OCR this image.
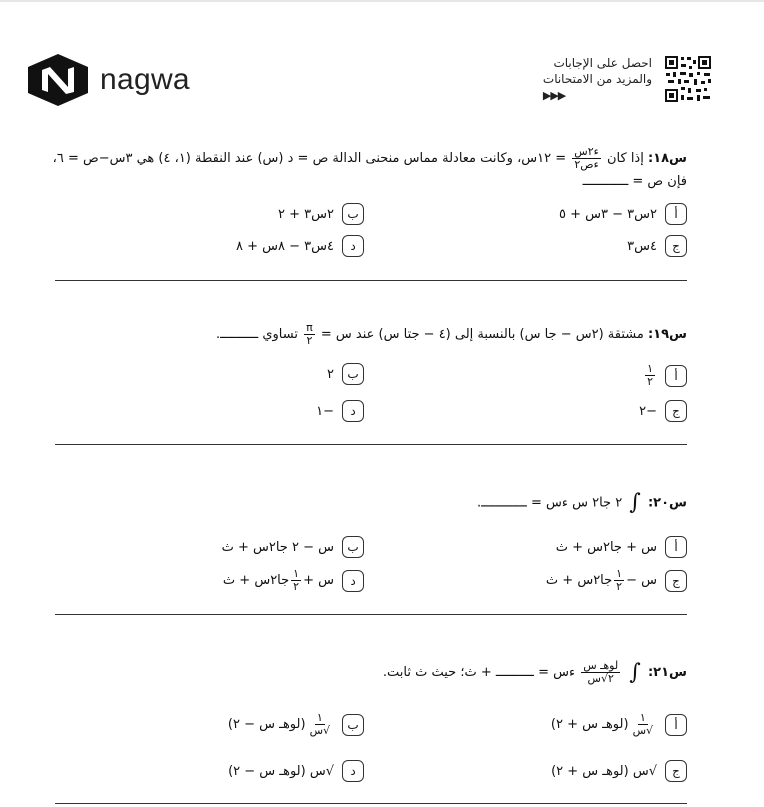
nagwa	احصل على الإجابات
والمزيد من الامتحانات
▶▶▶
س١٨: إذا كان
$\frac{\text{ء٢س}}{\text{ءص٢}}$
= ١٢س، وكانت معادلة مماس منحنى الدالة ص = د (س) عند النقطة (١، ٤) هي ٣س−ص = ٦،
فإن ص = ــــــــــــ
أ
٢س٣ − ٣س + ٥
ب
٢س٣ + ٢
ج
٤س٣
د
٤س٣ − ٨س + ٨
س١٩: مشتقة (٢س − جا س) بالنسبة إلى (٤ − جتا س) عند س =
$\frac{\pi}{٢}$
تساوي ــــــــــ.
أ
$\frac{١}{٢}$
ب
٢
ج
−٢
د
−١
س٢٠: ∫ ٢ جا٢ س ءس = ــــــــــــ.
أ
س + جا٢س + ث
ب
س − ٢ جا٢س + ث
ج
س −
$\frac{١}{٢}$
جا٢س + ث
د
س +
$\frac{١}{٢}$
جا٢س + ث
س٢١: ∫
$\frac{\text{لوهـ س}}{\text{٢√س}}$
ءس = ــــــــــ + ث؛ حيث ث ثابت.
أ
$\frac{١}{\text{√س}}$
(لوهـ س + ٢)
ب
$\frac{١}{\text{√س}}$
(لوهـ س − ٢)
ج
√س (لوهـ س + ٢)
د
√س (لوهـ س − ٢)
